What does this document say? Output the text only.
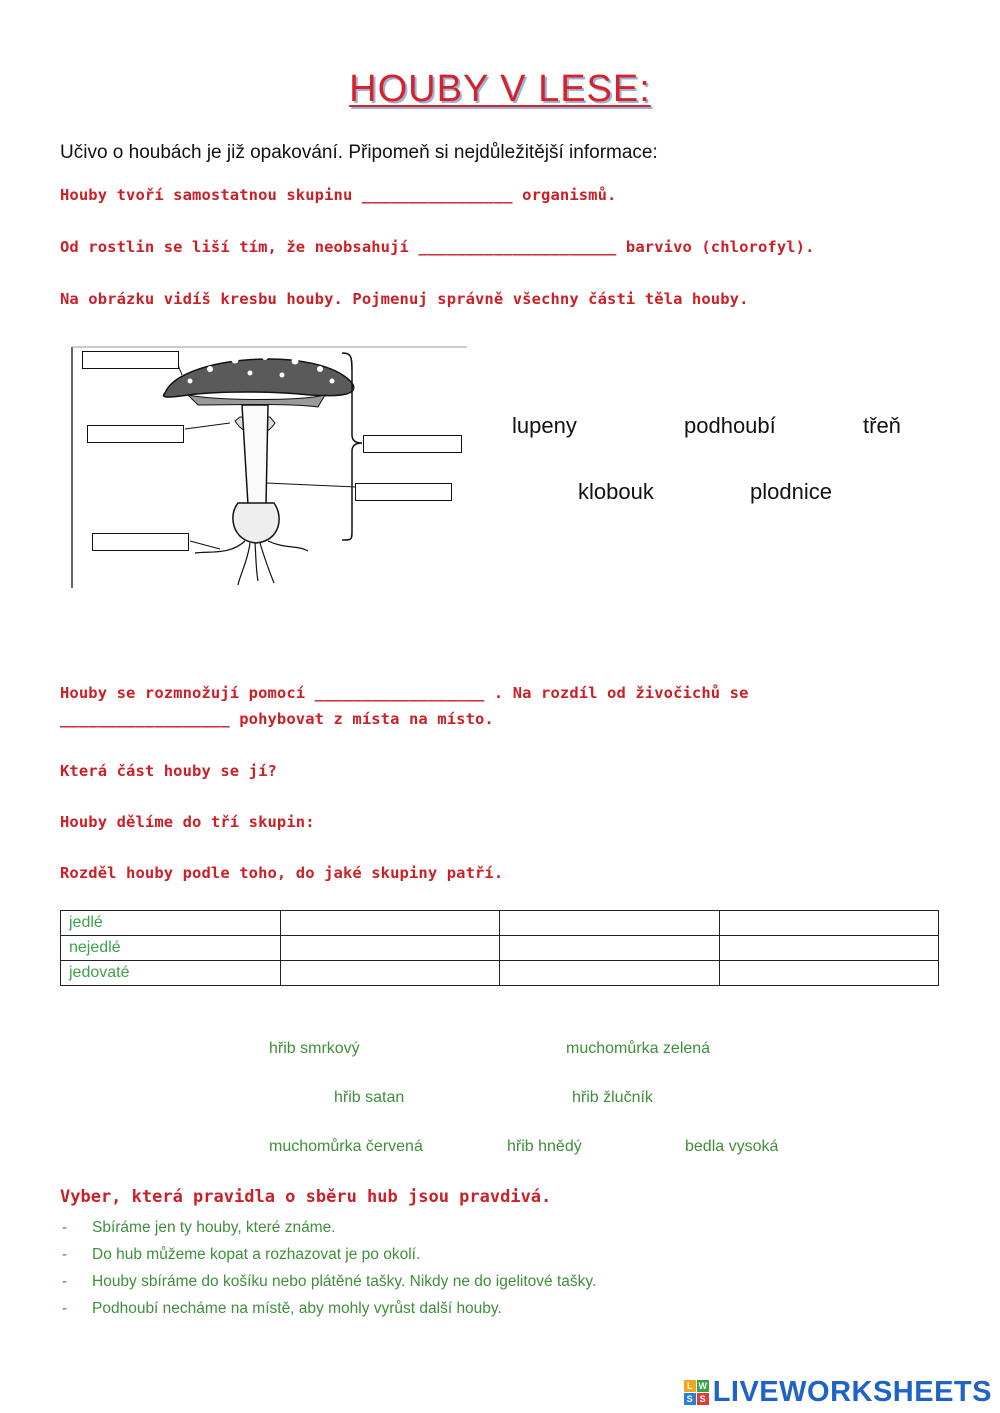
HOUBY V LESE:
Učivo o houbách je již opakování. Připomeň si nejdůležitější informace:
Houby tvoří samostatnou skupinu ________________ organismů.
Od rostlin se liší tím, že neobsahují _____________________ barvivo (chlorofyl).
Na obrázku vidíš kresbu houby. Pojmenuj správně všechny části těla houby.
lupeny	podhoubí	třeň
klobouk	plodnice
Houby se rozmnožují pomocí __________________ . Na rozdíl od živočichů se
__________________ pohybovat z místa na místo.
Která část houby se jí?
Houby dělíme do tří skupin:
Rozděl houby podle toho, do jaké skupiny patří.
jedlé			
nejedlé			
jedovaté			
hřib smrkový	muchomůrka zelená
hřib satan	hřib žlučník
muchomůrka červená	hřib hnědý	bedla vysoká
Vyber, která pravidla o sběru hub jsou pravdivá.
- Sbíráme jen ty houby, které známe.
- Do hub můžeme kopat a rozhazovat je po okolí.
- Houby sbíráme do košíku nebo plátěné tašky. Nikdy ne do igelitové tašky.
- Podhoubí necháme na místě, aby mohly vyrůst další houby.
L W
S S LIVEWORKSHEETS
